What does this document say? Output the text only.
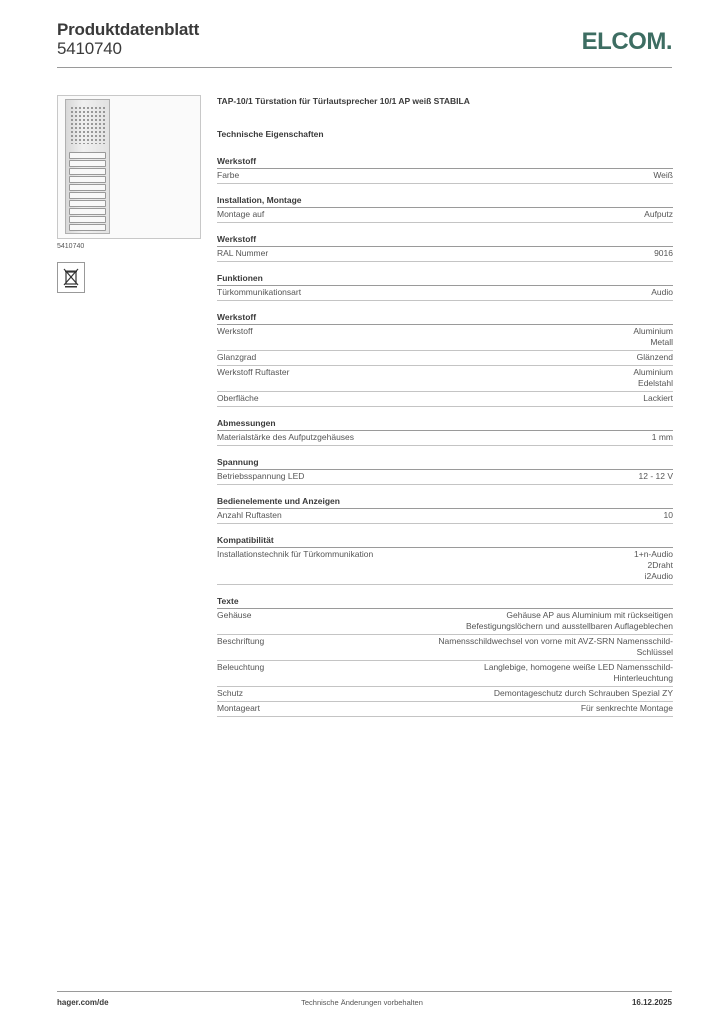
Produktdatenblatt
5410740	ELCOM.
5410740
TAP-10/1 Türstation für Türlautsprecher 10/1 AP weiß STABILA
Technische Eigenschaften
Werkstoff
Farbe	Weiß
Installation, Montage
Montage auf	Aufputz
Werkstoff
RAL Nummer	9016
Funktionen
Türkommunikationsart	Audio
Werkstoff
Werkstoff	Aluminium
Metall
Glanzgrad	Glänzend
Werkstoff Ruftaster	Aluminium
Edelstahl
Oberfläche	Lackiert
Abmessungen
Materialstärke des Aufputzgehäuses	1 mm
Spannung
Betriebsspannung LED	12 - 12 V
Bedienelemente und Anzeigen
Anzahl Ruftasten	10
Kompatibilität
Installationstechnik für Türkommunikation	1+n-Audio
2Draht
i2Audio
Texte
Gehäuse	Gehäuse AP aus Aluminium mit rückseitigen
Befestigungslöchern und ausstellbaren Auflageblechen
Beschriftung	Namensschildwechsel von vorne mit AVZ-SRN Namensschild-
Schlüssel
Beleuchtung	Langlebige, homogene weiße LED Namensschild-
Hinterleuchtung
Schutz	Demontageschutz durch Schrauben Spezial ZY
Montageart	Für senkrechte Montage
hager.com/de	Technische Änderungen vorbehalten	16.12.2025
